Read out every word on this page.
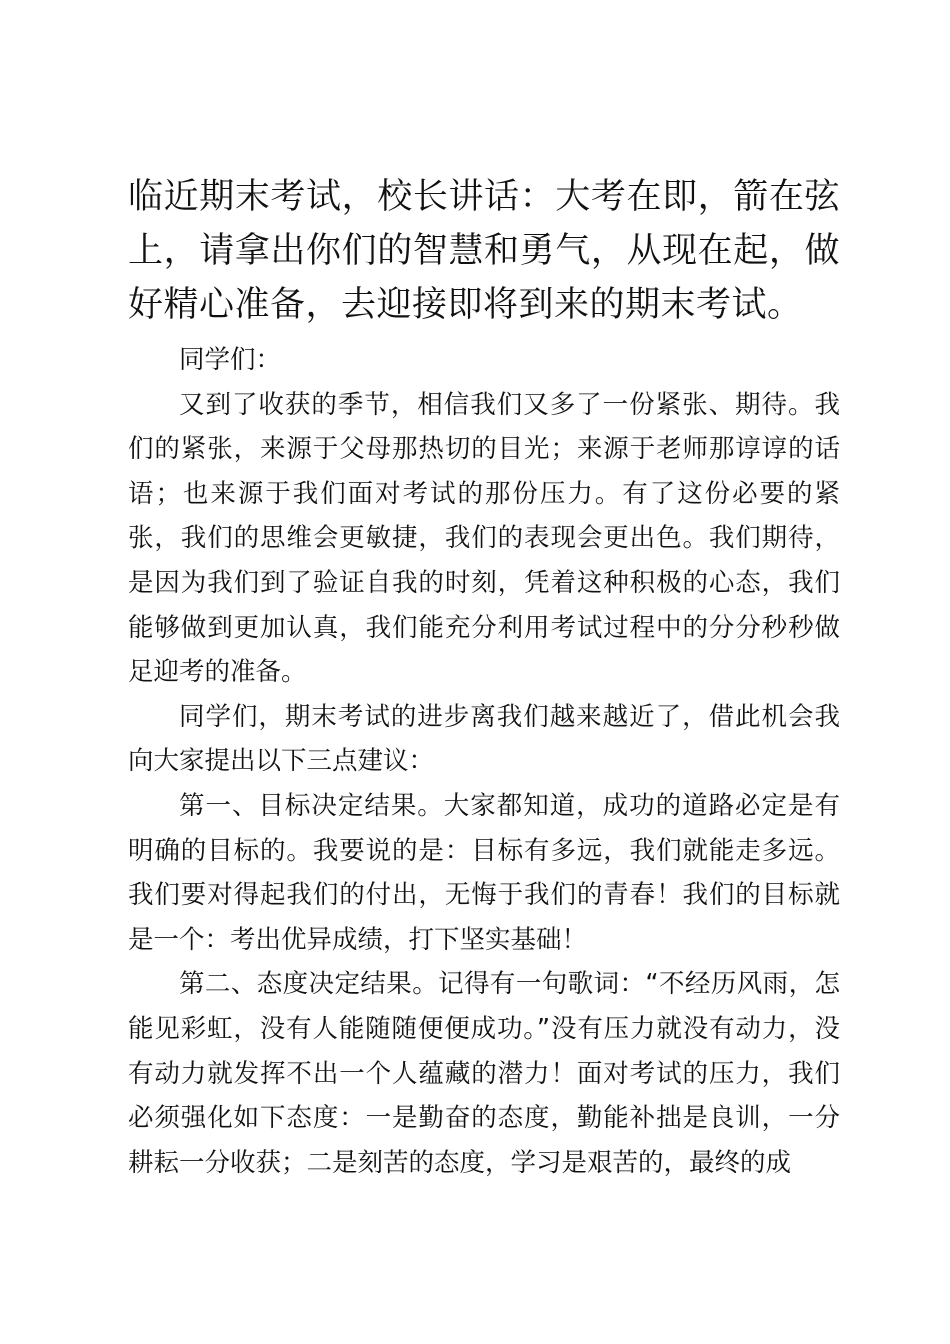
临近期末考试，校长讲话：大考在即，箭在弦上，请拿出你们的智慧和勇气，从现在起，做好精心准备，去迎接即将到来的期末考试。

同学们：

又到了收获的季节，相信我们又多了一份紧张、期待。我们的紧张，来源于父母那热切的目光；来源于老师那谆谆的话语；也来源于我们面对考试的那份压力。有了这份必要的紧张，我们的思维会更敏捷，我们的表现会更出色。我们期待，是因为我们到了验证自我的时刻，凭着这种积极的心态，我们能够做到更加认真，我们能充分利用考试过程中的分分秒秒做足迎考的准备。

同学们，期末考试的进步离我们越来越近了，借此机会我向大家提出以下三点建议：

第一、目标决定结果。大家都知道，成功的道路必定是有明确的目标的。我要说的是：目标有多远，我们就能走多远。我们要对得起我们的付出，无悔于我们的青春！我们的目标就是一个：考出优异成绩，打下坚实基础！

第二、态度决定结果。记得有一句歌词：“不经历风雨，怎能见彩虹，没有人能随随便便成功。”没有压力就没有动力，没有动力就发挥不出一个人蕴藏的潜力！面对考试的压力，我们必须强化如下态度：一是勤奋的态度，勤能补拙是良训，一分耕耘一分收获；二是刻苦的态度，学习是艰苦的，最终的成
